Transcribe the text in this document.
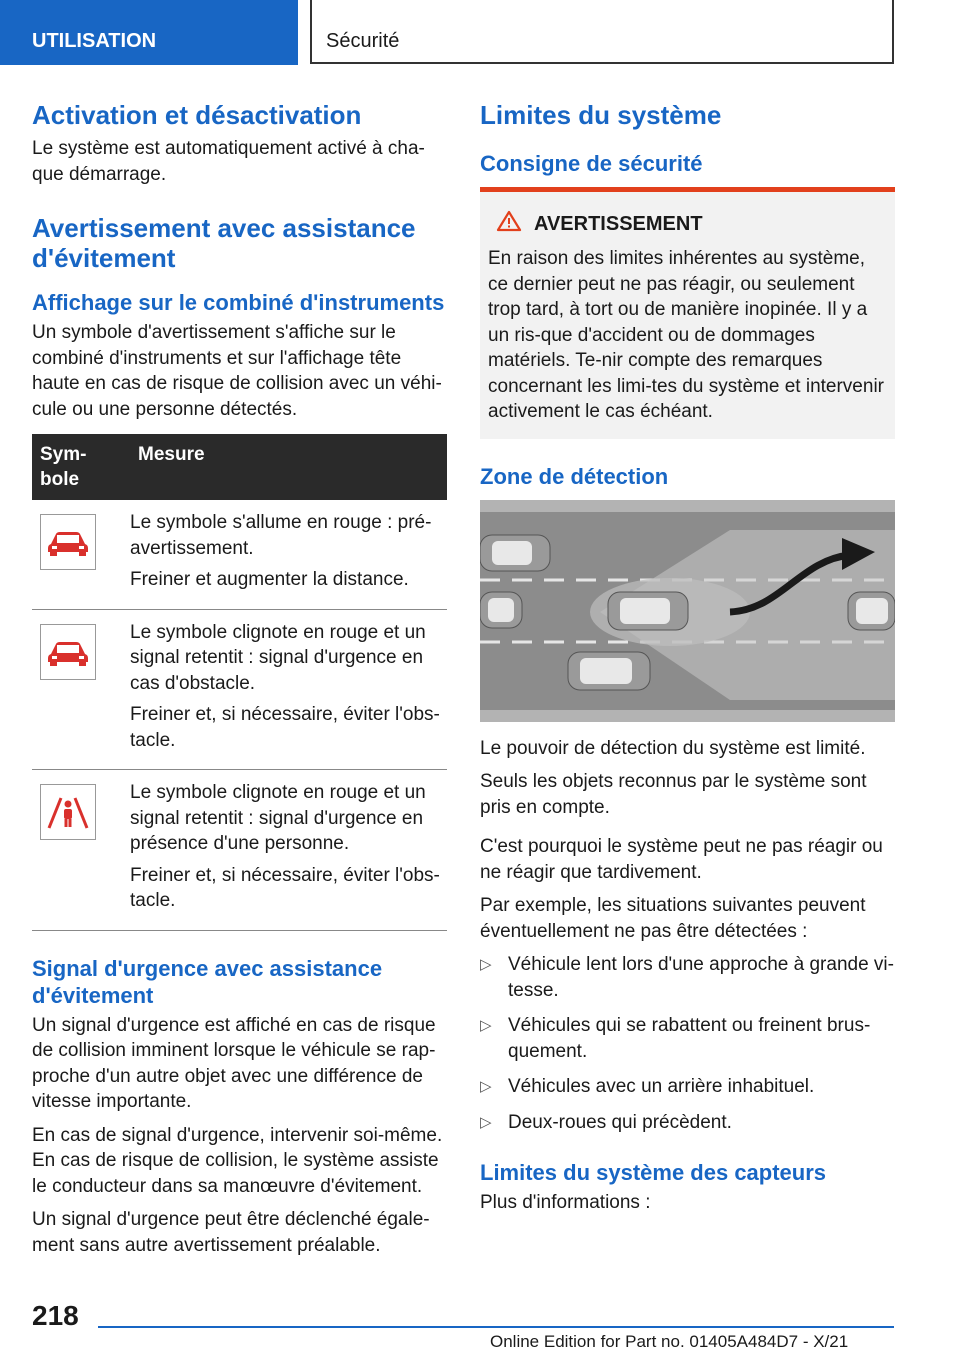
UTILISATION	Sécurité
Activation et désactivation

Le système est automatiquement activé à cha-que démarrage.

Avertissement avec assistance d'évitement
Affichage sur le combiné d'instruments

Un symbole d'avertissement s'affiche sur le combiné d'instruments et sur l'affichage tête haute en cas de risque de collision avec un véhi-cule ou une personne détectés.

Sym-bole	Mesure

Le symbole s'allume en rouge : pré-avertissement.

Freiner et augmenter la distance.

Le symbole clignote en rouge et un signal retentit : signal d'urgence en cas d'obstacle.

Freiner et, si nécessaire, éviter l'obs-tacle.

Le symbole clignote en rouge et un signal retentit : signal d'urgence en présence d'une personne.

Freiner et, si nécessaire, éviter l'obs-tacle.

Signal d'urgence avec assistance d'évitement

Un signal d'urgence est affiché en cas de risque de collision imminent lorsque le véhicule se rap-proche d'un autre objet avec une différence de vitesse importante.

En cas de signal d'urgence, intervenir soi-même. En cas de risque de collision, le système assiste le conducteur dans sa manœuvre d'évitement.

Un signal d'urgence peut être déclenché égale-ment sans autre avertissement préalable.

Limites du système
Consigne de sécurité
AVERTISSEMENT

En raison des limites inhérentes au système, ce dernier peut ne pas réagir, ou seulement trop tard, à tort ou de manière inopinée. Il y a un ris-que d'accident ou de dommages matériels. Te-nir compte des remarques concernant les limi-tes du système et intervenir activement le cas échéant.

Zone de détection

Le pouvoir de détection du système est limité.

Seuls les objets reconnus par le système sont pris en compte.

C'est pourquoi le système peut ne pas réagir ou ne réagir que tardivement.

Par exemple, les situations suivantes peuvent éventuellement ne pas être détectées :

▷ Véhicule lent lors d'une approche à grande vi-tesse.
▷ Véhicules qui se rabattent ou freinent brus-quement.
▷ Véhicules avec un arrière inhabituel.
▷ Deux-roues qui précèdent.
Limites du système des capteurs

Plus d'informations :

218
Online Edition for Part no. 01405A484D7 - X/21
